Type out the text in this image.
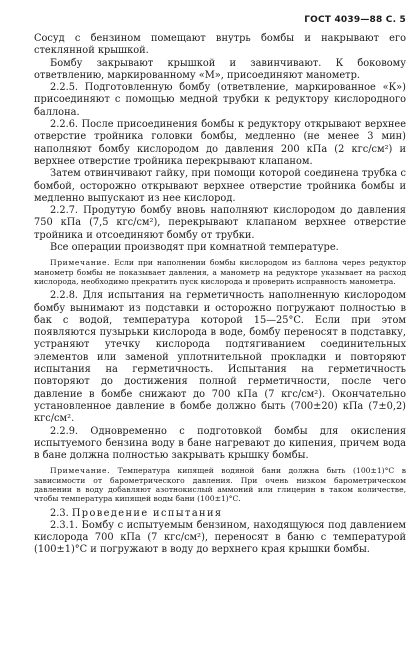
ГОСТ 4039—88 С. 5

Сосуд с бензином помещают внутрь бомбы и накрывают его стеклянной крышкой.

Бомбу закрывают крышкой и завинчивают. К боковому ответвлению, маркированному «М», присоединяют манометр.

2.2.5. Подготовленную бомбу (ответвление, маркированное «К») присоединяют с помощью медной трубки к редуктору кислородного баллона.

2.2.6. После присоединения бомбы к редуктору открывают верхнее отверстие тройника головки бомбы, медленно (не менее 3 мин) наполняют бомбу кислородом до давления 200 кПа (2 кгс/см²) и верхнее отверстие тройника перекрывают клапаном.

Затем отвинчивают гайку, при помощи которой соединена трубка с бомбой, осторожно открывают верхнее отверстие тройника бомбы и медленно выпускают из нее кислород.

2.2.7. Продутую бомбу вновь наполняют кислородом до давления 750 кПа (7,5 кгс/см²), перекрывают клапаном верхнее отверстие тройника и отсоединяют бомбу от трубки.

Все операции производят при комнатной температуре.

Примечание. Если при наполнении бомбы кислородом из баллона через редуктор манометр бомбы не показывает давления, а манометр на редукторе указывает на расход кислорода, необходимо прекратить пуск кислорода и проверить исправность манометра.

2.2.8. Для испытания на герметичность наполненную кислородом бомбу вынимают из подставки и осторожно погружают полностью в бак с водой, температура которой 15—25°С. Если при этом появляются пузырьки кислорода в воде, бомбу переносят в подставку, устраняют утечку кислорода подтягиванием соединительных элементов или заменой уплотнительной прокладки и повторяют испытания на герметичность. Испытания на герметичность повторяют до достижения полной герметичности, после чего давление в бомбе снижают до 700 кПа (7 кгс/см²). Окончательно установленное давление в бомбе должно быть (700±20) кПа (7±0,2) кгс/см².

2.2.9. Одновременно с подготовкой бомбы для окисления испытуемого бензина воду в бане нагревают до кипения, причем вода в бане должна полностью закрывать крышку бомбы.

Примечание. Температура кипящей водяной бани должна быть (100±1)°С в зависимости от барометрического давления. При очень низком барометрическом давлении в воду добавляют азотнокислый аммоний или глицерин в таком количестве, чтобы температура кипящей воды бани (100±1)°С.

2.3. Проведение испытания

2.3.1. Бомбу с испытуемым бензином, находящуюся под давлением кислорода 700 кПа (7 кгс/см²), переносят в баню с температурой (100±1)°С и погружают в воду до верхнего края крышки бомбы.
